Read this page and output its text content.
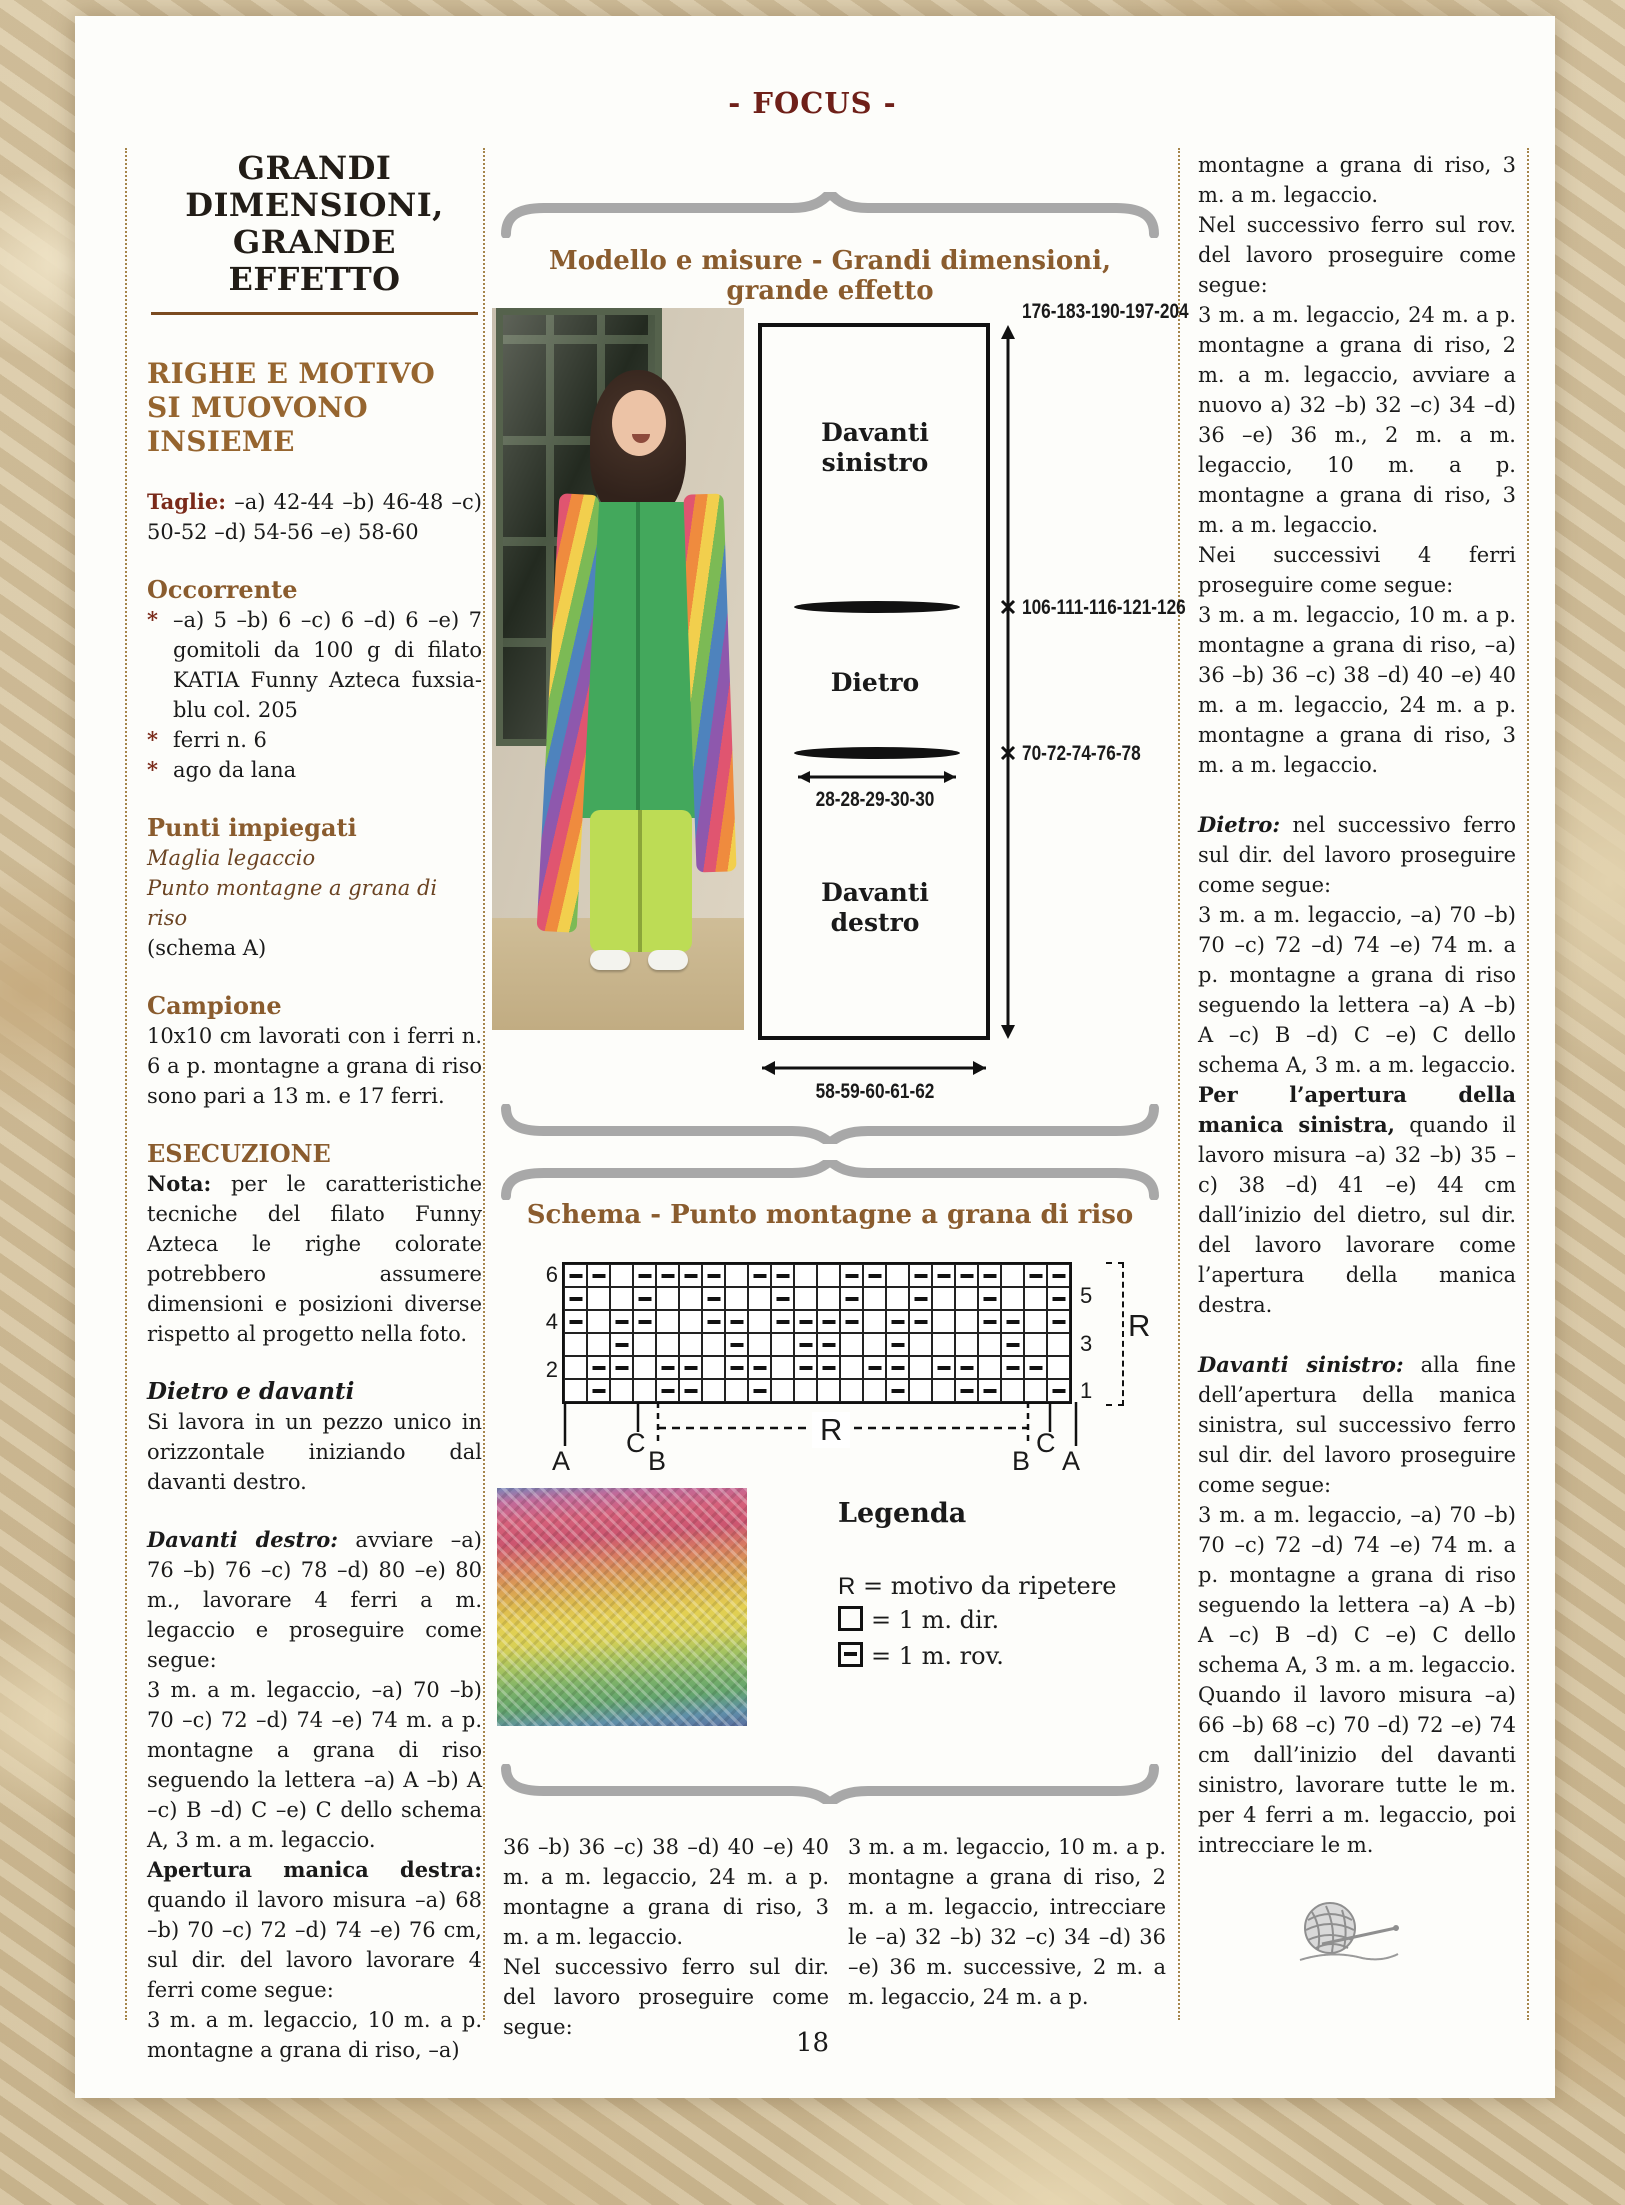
- FOCUS -
GRANDI
DIMENSIONI,
GRANDE EFFETTO
RIGHE E MOTIVO
SI MUOVONO INSIEME

Taglie: –a) 42-44 –b) 46-48 –c) 50-52 –d) 54-56 –e) 58-60

Occorrente
* –a) 5 –b) 6 –c) 6 –d) 6 –e) 7 gomitoli da 100 g di filato KATIA Funny Azteca fuxsia-blu col. 205
* ferri n. 6
* ago da lana
Punti impiegati
Maglia legaccio
Punto montagne a grana di riso
(schema A)
Campione

10x10 cm lavorati con i ferri n. 6 a p. montagne a grana di riso sono pari a 13 m. e 17 ferri.

ESECUZIONE

Nota: per le caratteristiche tecniche del filato Funny Azteca le righe colorate potrebbero assumere dimensioni e posizioni diverse rispetto al progetto nella foto.

Dietro e davanti

Si lavora in un pezzo unico in orizzontale iniziando dal davanti destro.

Davanti destro: avviare –a) 76 –b) 76 –c) 78 –d) 80 –e) 80 m., lavorare 4 ferri a m. legaccio e proseguire come segue:

3 m. a m. legaccio, –a) 70 –b) 70 –c) 72 –d) 74 –e) 74 m. a p. montagne a grana di riso seguendo la lettera –a) A –b) A –c) B –d) C –e) C dello schema A, 3 m. a m. legaccio.

Apertura manica destra: quando il lavoro misura –a) 68 –b) 70 –c) 72 –d) 74 –e) 76 cm, sul dir. del lavoro lavorare 4 ferri come segue:

3 m. a m. legaccio, 10 m. a p. montagne a grana di riso, –a)

Modello e misure - Grandi dimensioni, grande effetto
Davanti sinistro
Dietro
Davanti destro
176-183-190-197-204
106-111-116-121-126
70-72-74-76-78
28-28-29-30-30
58-59-60-61-62
Schema - Punto montagne a grana di riso
6
4
2
5
3
1
R
A
C
B
R
B
C
A
Legenda
R = motivo da ripetere
= 1 m. dir.
= 1 m. rov.

36 –b) 36 –c) 38 –d) 40 –e) 40 m. a m. legaccio, 24 m. a p. montagne a grana di riso, 3 m. a m. legaccio.

Nel successivo ferro sul dir. del lavoro proseguire come segue:

3 m. a m. legaccio, 10 m. a p. montagne a grana di riso, 2 m. a m. legaccio, intrecciare le –a) 32 –b) 32 –c) 34 –d) 36 –e) 36 m. successive, 2 m. a m. legaccio, 24 m. a p.

montagne a grana di riso, 3 m. a m. legaccio.

Nel successivo ferro sul rov. del lavoro proseguire come segue:

3 m. a m. legaccio, 24 m. a p. montagne a grana di riso, 2 m. a m. legaccio, avviare a nuovo a) 32 –b) 32 –c) 34 –d) 36 –e) 36 m., 2 m. a m. legaccio, 10 m. a p. montagne a grana di riso, 3 m. a m. legaccio.

Nei successivi 4 ferri proseguire come segue:

3 m. a m. legaccio, 10 m. a p. montagne a grana di riso, –a) 36 –b) 36 –c) 38 –d) 40 –e) 40 m. a m. legaccio, 24 m. a p. montagne a grana di riso, 3 m. a m. legaccio.

Dietro: nel successivo ferro sul dir. del lavoro proseguire come segue:

3 m. a m. legaccio, –a) 70 –b) 70 –c) 72 –d) 74 –e) 74 m. a p. montagne a grana di riso seguendo la lettera –a) A –b) A –c) B –d) C –e) C dello schema A, 3 m. a m. legaccio. Per l’apertura della manica sinistra, quando il lavoro misura –a) 32 –b) 35 –c) 38 –d) 41 –e) 44 cm dall’inizio del dietro, sul dir. del lavoro lavorare come l’apertura della manica destra.

Davanti sinistro: alla fine dell’apertura della manica sinistra, sul successivo ferro sul dir. del lavoro proseguire come segue:

3 m. a m. legaccio, –a) 70 –b) 70 –c) 72 –d) 74 –e) 74 m. a p. montagne a grana di riso seguendo la lettera –a) A –b) A –c) B –d) C –e) C dello schema A, 3 m. a m. legaccio. Quando il lavoro misura –a) 66 –b) 68 –c) 70 –d) 72 –e) 74 cm dall’inizio del davanti sinistro, lavorare tutte le m. per 4 ferri a m. legaccio, poi intrecciare le m.

18
